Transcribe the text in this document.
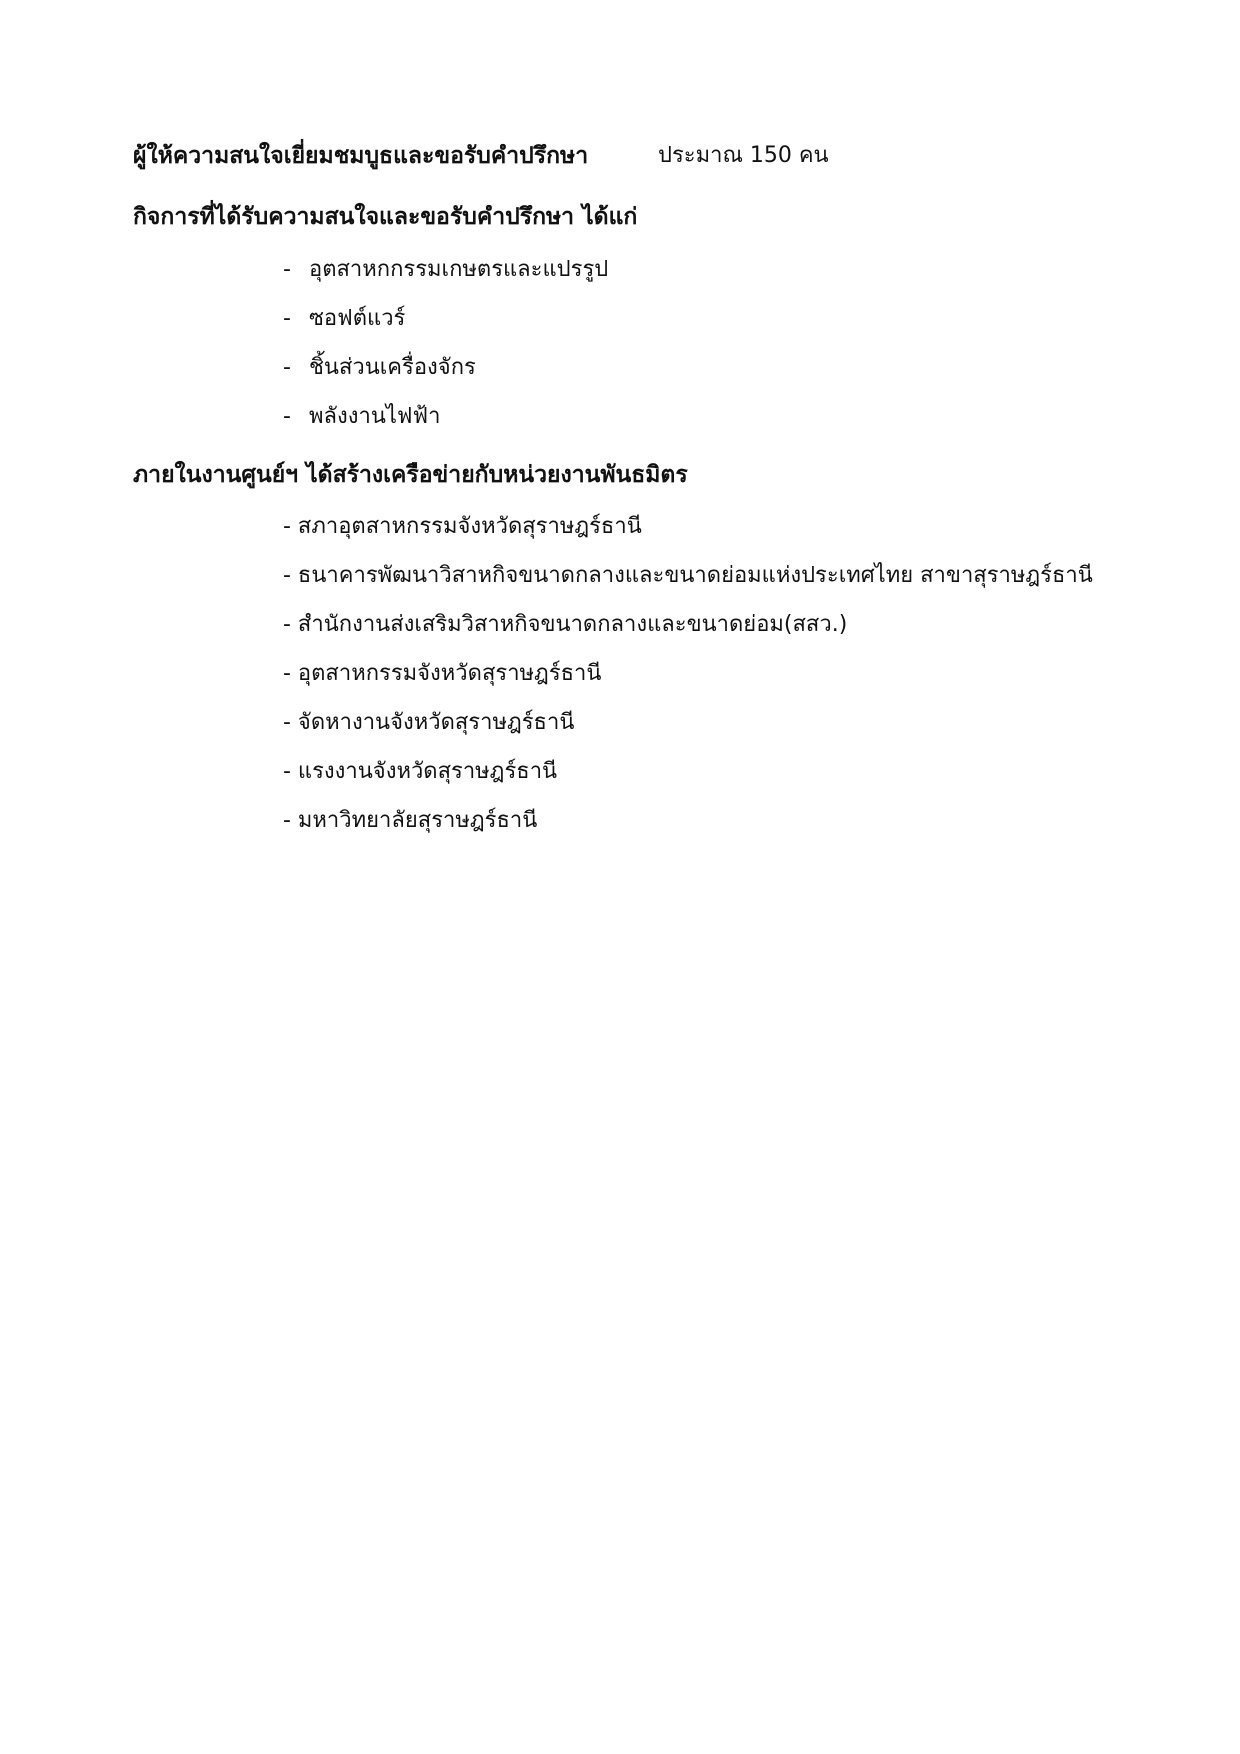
ผู้ให้ความสนใจเยี่ยมชมบูธและขอรับคำปรึกษา	ประมาณ 150 คน
กิจการที่ได้รับความสนใจและขอรับคำปรึกษา ได้แก่
- อุตสาหกกรรมเกษตรและแปรรูป
- ซอฟต์แวร์
- ชิ้นส่วนเครื่องจักร
- พลังงานไฟฟ้า
ภายในงานศูนย์ฯ ได้สร้างเครือข่ายกับหน่วยงานพันธมิตร
- สภาอุตสาหกรรมจังหวัดสุราษฎร์ธานี
- ธนาคารพัฒนาวิสาหกิจขนาดกลางและขนาดย่อมแห่งประเทศไทย สาขาสุราษฎร์ธานี
- สำนักงานส่งเสริมวิสาหกิจขนาดกลางและขนาดย่อม(สสว.)
- อุตสาหกรรมจังหวัดสุราษฎร์ธานี
- จัดหางานจังหวัดสุราษฎร์ธานี
- แรงงานจังหวัดสุราษฎร์ธานี
- มหาวิทยาลัยสุราษฎร์ธานี
